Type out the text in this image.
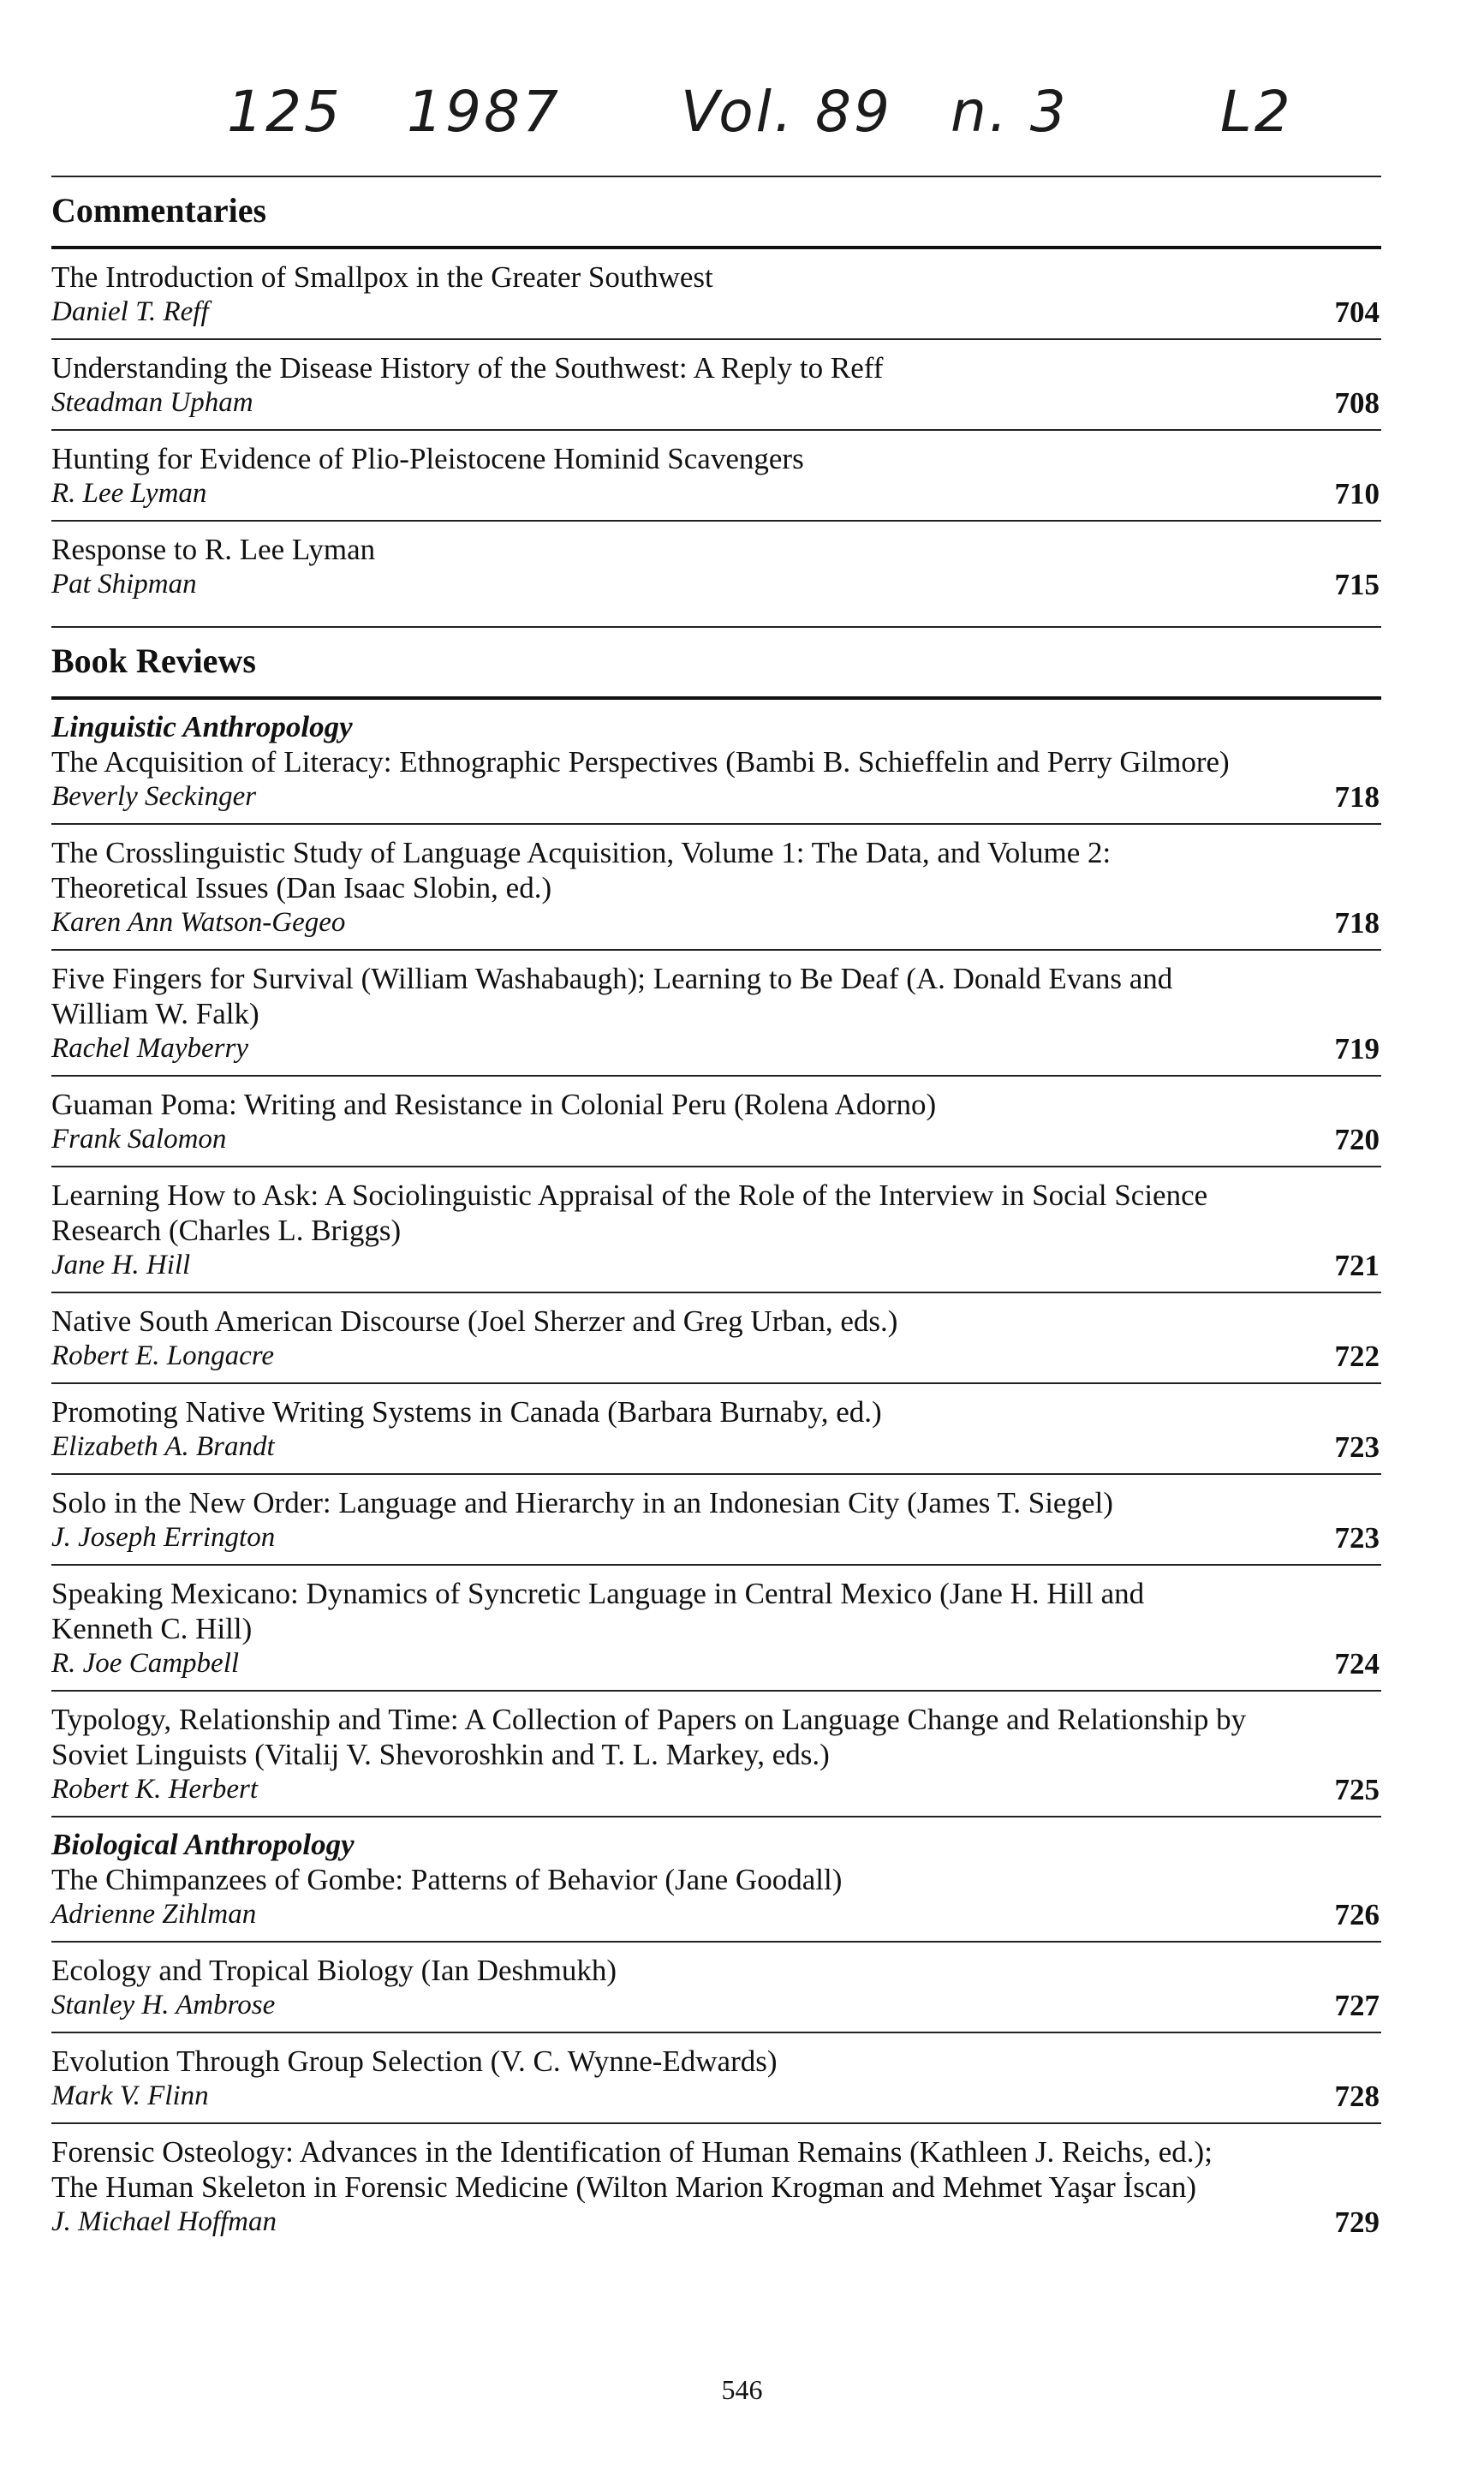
125 1987 Vol. 89 n. 3	L2
Commentaries
The Introduction of Smallpox in the Greater Southwest
Daniel T. Reff	704
Understanding the Disease History of the Southwest: A Reply to Reff
Steadman Upham	708
Hunting for Evidence of Plio-Pleistocene Hominid Scavengers
R. Lee Lyman	710
Response to R. Lee Lyman
Pat Shipman	715
Book Reviews
Linguistic Anthropology
The Acquisition of Literacy: Ethnographic Perspectives (Bambi B. Schieffelin and Perry Gilmore)
Beverly Seckinger	718
The Crosslinguistic Study of Language Acquisition, Volume 1: The Data, and Volume 2: Theoretical Issues (Dan Isaac Slobin, ed.)
Karen Ann Watson-Gegeo	718
Five Fingers for Survival (William Washabaugh); Learning to Be Deaf (A. Donald Evans and William W. Falk)
Rachel Mayberry	719
Guaman Poma: Writing and Resistance in Colonial Peru (Rolena Adorno)
Frank Salomon	720
Learning How to Ask: A Sociolinguistic Appraisal of the Role of the Interview in Social Science Research (Charles L. Briggs)
Jane H. Hill	721
Native South American Discourse (Joel Sherzer and Greg Urban, eds.)
Robert E. Longacre	722
Promoting Native Writing Systems in Canada (Barbara Burnaby, ed.)
Elizabeth A. Brandt	723
Solo in the New Order: Language and Hierarchy in an Indonesian City (James T. Siegel)
J. Joseph Errington	723
Speaking Mexicano: Dynamics of Syncretic Language in Central Mexico (Jane H. Hill and Kenneth C. Hill)
R. Joe Campbell	724
Typology, Relationship and Time: A Collection of Papers on Language Change and Relationship by Soviet Linguists (Vitalij V. Shevoroshkin and T. L. Markey, eds.)
Robert K. Herbert	725
Biological Anthropology
The Chimpanzees of Gombe: Patterns of Behavior (Jane Goodall)
Adrienne Zihlman	726
Ecology and Tropical Biology (Ian Deshmukh)
Stanley H. Ambrose	727
Evolution Through Group Selection (V. C. Wynne-Edwards)
Mark V. Flinn	728
Forensic Osteology: Advances in the Identification of Human Remains (Kathleen J. Reichs, ed.); The Human Skeleton in Forensic Medicine (Wilton Marion Krogman and Mehmet Yaşar İscan)
J. Michael Hoffman	729
546
